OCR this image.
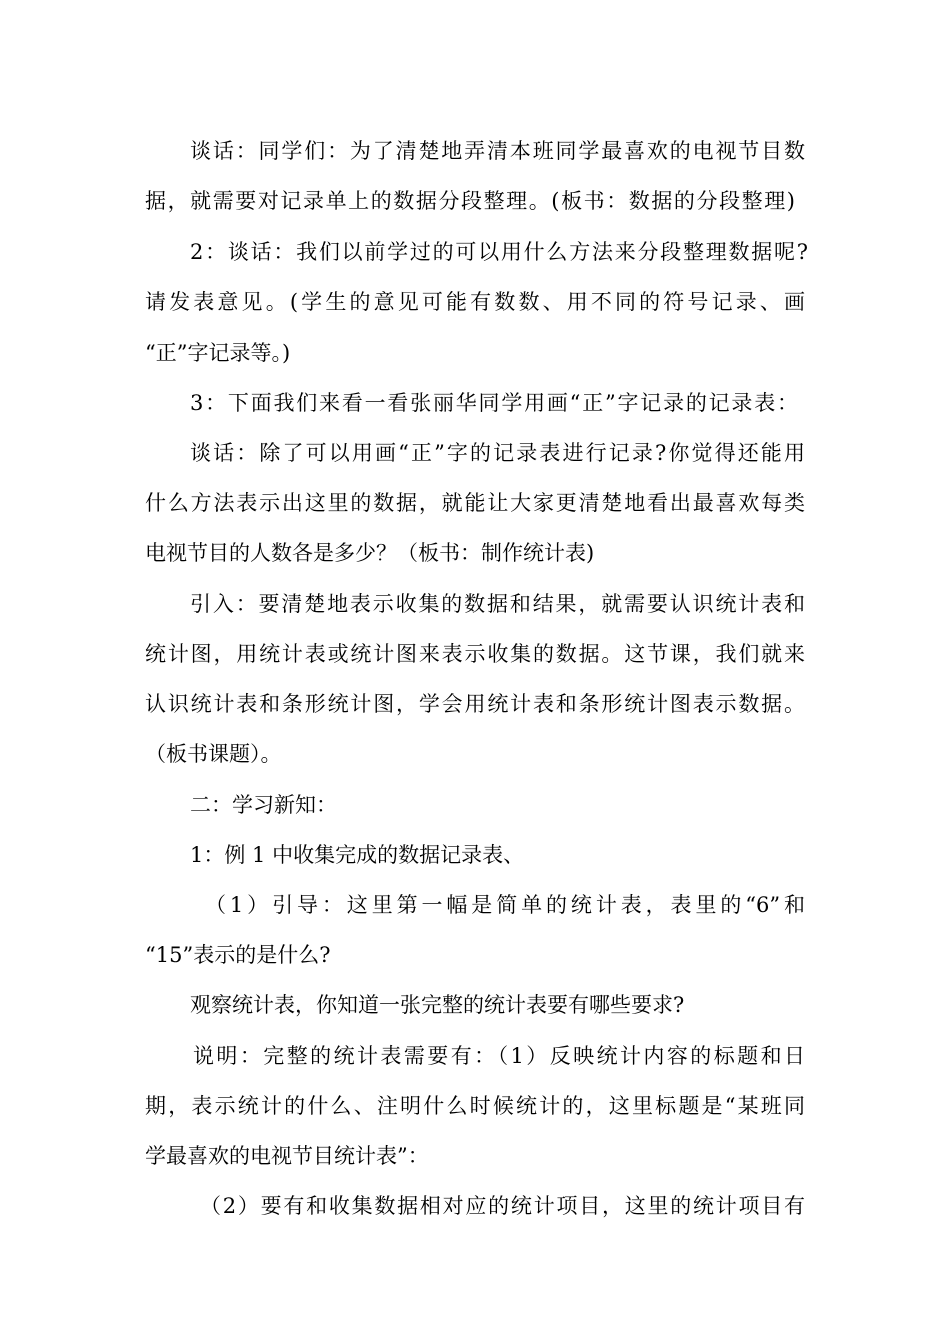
谈话：同学们：为了清楚地弄清本班同学最喜欢的电视节目数
据，就需要对记录单上的数据分段整理。(板书：数据的分段整理)
2：谈话：我们以前学过的可以用什么方法来分段整理数据呢?
请发表意见。(学生的意见可能有数数、用不同的符号记录、画
“正”字记录等。)
3：下面我们来看一看张丽华同学用画“正”字记录的记录表：
谈话：除了可以用画“正”字的记录表进行记录?你觉得还能用
什么方法表示出这里的数据，就能让大家更清楚地看出最喜欢每类
电视节目的人数各是多少？（板书：制作统计表)
引入：要清楚地表示收集的数据和结果，就需要认识统计表和
统计图，用统计表或统计图来表示收集的数据。这节课，我们就来
认识统计表和条形统计图，学会用统计表和条形统计图表示数据。
（板书课题）。
二：学习新知：
1：例 1 中收集完成的数据记录表、
（1）引导：这里第一幅是简单的统计表，表里的“6”和
“15”表示的是什么?
观察统计表，你知道一张完整的统计表要有哪些要求?
说明：完整的统计表需要有：（1）反映统计内容的标题和日
期，表示统计的什么、注明什么时候统计的，这里标题是“某班同
学最喜欢的电视节目统计表”：
（2）要有和收集数据相对应的统计项目，这里的统计项目有
